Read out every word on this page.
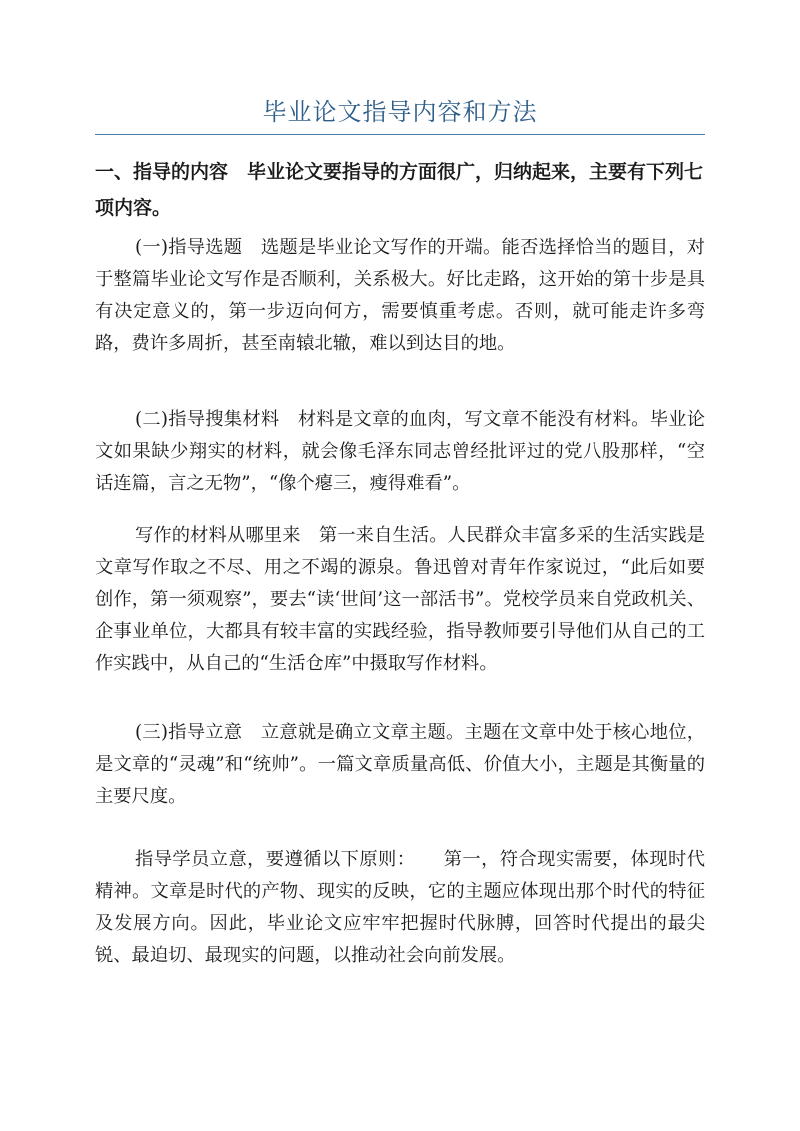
毕业论文指导内容和方法
一、指导的内容　毕业论文要指导的方面很广，归纳起来，主要有下列七项内容。
(一)指导选题　选题是毕业论文写作的开端。能否选择恰当的题目，对于整篇毕业论文写作是否顺利，关系极大。好比走路，这开始的第十步是具有决定意义的，第一步迈向何方，需要慎重考虑。否则，就可能走许多弯路，费许多周折，甚至南辕北辙，难以到达目的地。
(二)指导搜集材料　材料是文章的血肉，写文章不能没有材料。毕业论文如果缺少翔实的材料，就会像毛泽东同志曾经批评过的党八股那样，“空话连篇，言之无物”，“像个瘪三，瘦得难看”。
写作的材料从哪里来　第一来自生活。人民群众丰富多采的生活实践是文章写作取之不尽、用之不竭的源泉。鲁迅曾对青年作家说过，“此后如要创作，第一须观察”，要去“读‘世间’这一部活书”。党校学员来自党政机关、企事业单位，大都具有较丰富的实践经验，指导教师要引导他们从自己的工作实践中，从自己的“生活仓库”中摄取写作材料。
(三)指导立意　立意就是确立文章主题。主题在文章中处于核心地位，是文章的“灵魂”和“统帅”。一篇文章质量高低、价值大小，主题是其衡量的主要尺度。
指导学员立意，要遵循以下原则：　　第一，符合现实需要，体现时代精神。文章是时代的产物、现实的反映，它的主题应体现出那个时代的特征及发展方向。因此，毕业论文应牢牢把握时代脉膊，回答时代提出的最尖锐、最迫切、最现实的问题，以推动社会向前发展。
